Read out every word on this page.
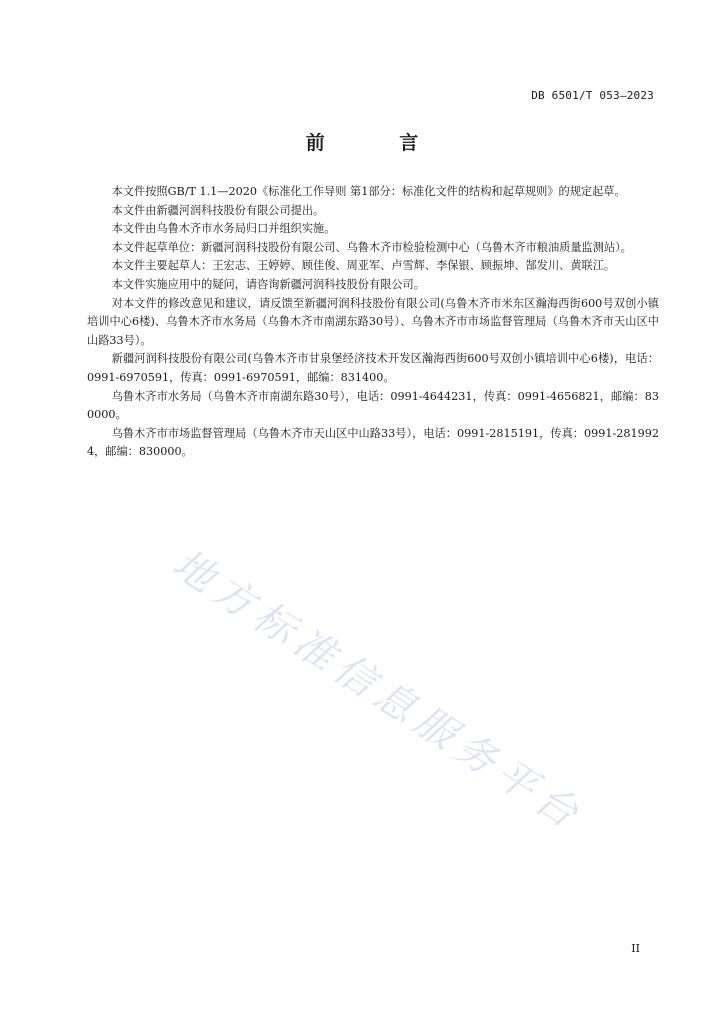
DB 6501/T 053—2023
前 言

本文件按照GB/T 1.1—2020《标准化工作导则 第1部分：标准化文件的结构和起草规则》的规定起草。

本文件由新疆河润科技股份有限公司提出。

本文件由乌鲁木齐市水务局归口并组织实施。

本文件起草单位：新疆河润科技股份有限公司、乌鲁木齐市检验检测中心（乌鲁木齐市粮油质量监测站）。

本文件主要起草人：王宏志、王婷婷、顾佳俊、周亚军、卢雪辉、李保银、顾振坤、郜发川、黄联江。

本文件实施应用中的疑问，请咨询新疆河润科技股份有限公司。

对本文件的修改意见和建议，请反馈至新疆河润科技股份有限公司(乌鲁木齐市米东区瀚海西街600号双创小镇培训中心6楼)、乌鲁木齐市水务局（乌鲁木齐市南湖东路30号）、乌鲁木齐市市场监督管理局（乌鲁木齐市天山区中山路33号）。

新疆河润科技股份有限公司(乌鲁木齐市甘泉堡经济技术开发区瀚海西街600号双创小镇培训中心6楼)，电话：0991-6970591，传真：0991-6970591，邮编：831400。

乌鲁木齐市水务局（乌鲁木齐市南湖东路30号），电话：0991-4644231，传真：0991-4656821，邮编：830000。

乌鲁木齐市市场监督管理局（乌鲁木齐市天山区中山路33号），电话：0991-2815191，传真：0991-2819924，邮编：830000。

地方标准信息服务平台
II
